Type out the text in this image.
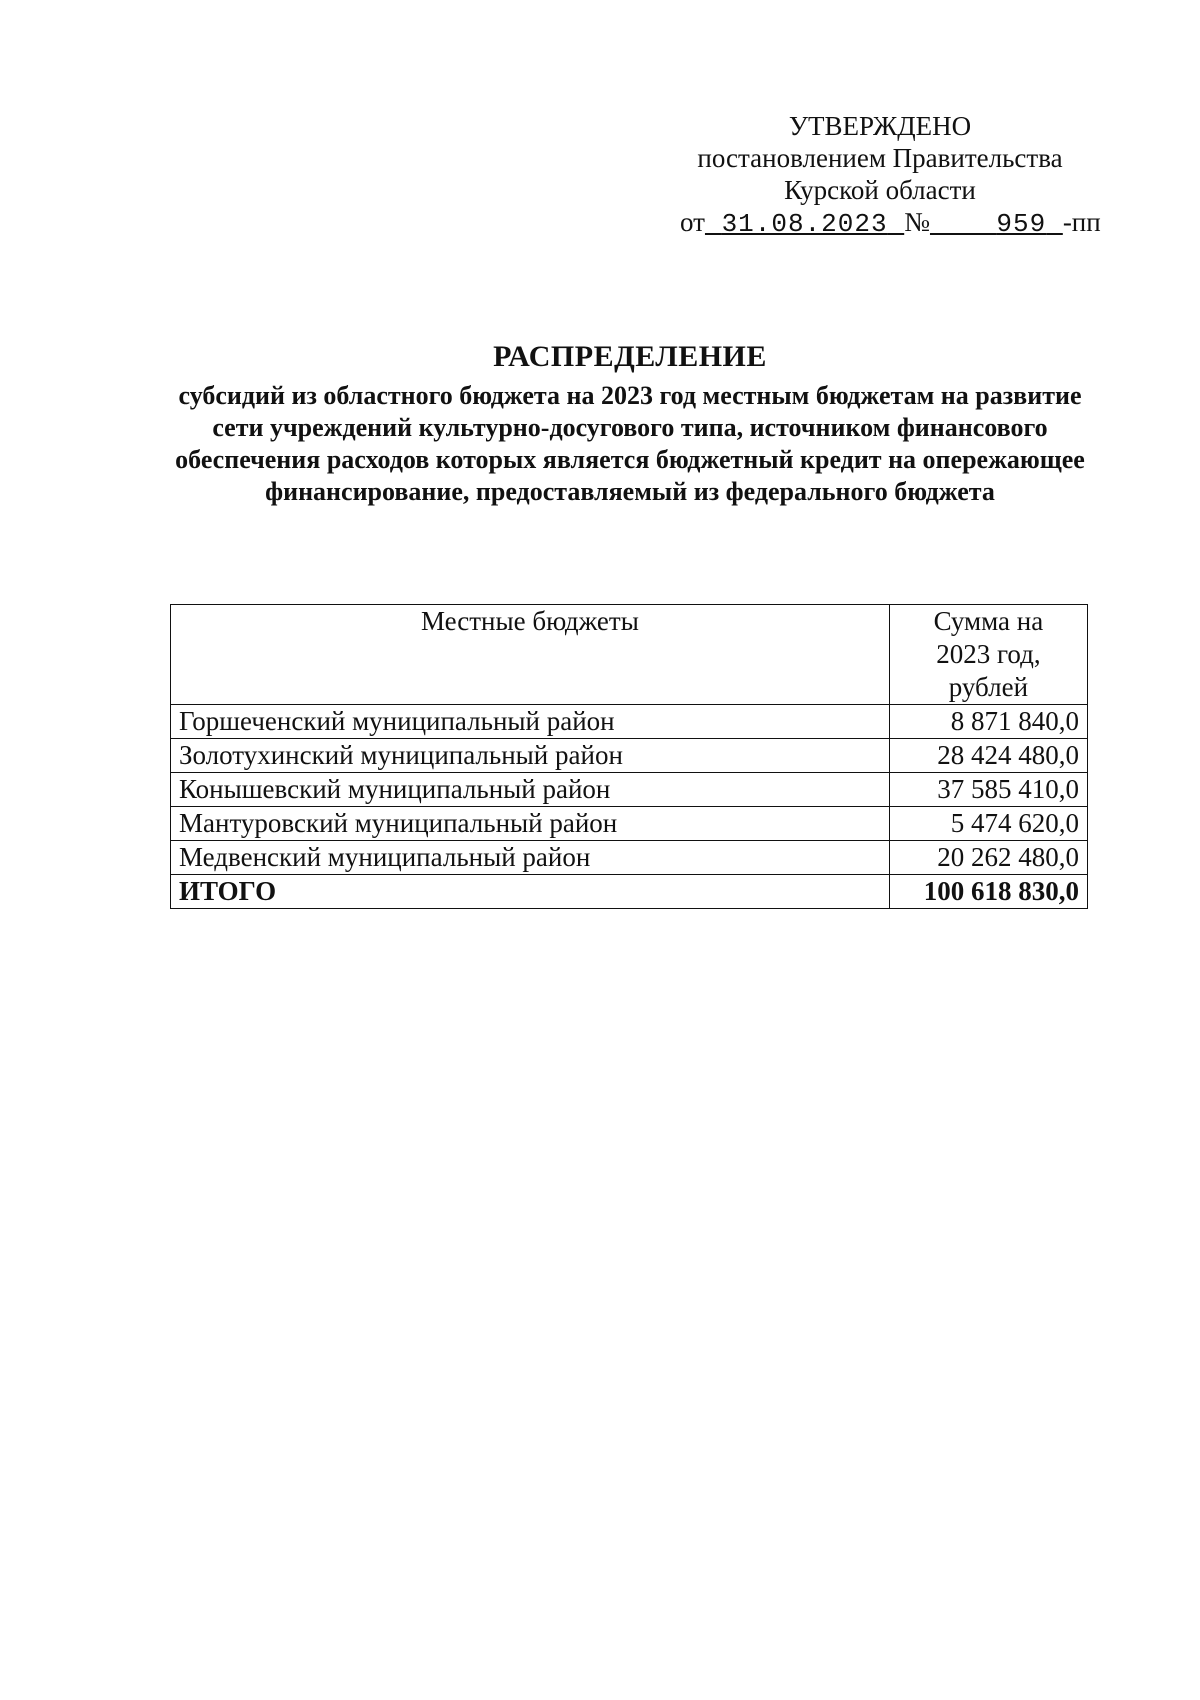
УТВЕРЖДЕНО
постановлением Правительства
Курской области
от 31.08.2023 №	959 -пп
РАСПРЕДЕЛЕНИЕ
субсидий из областного бюджета на 2023 год местным бюджетам на развитие сети учреждений культурно-досугового типа, источником финансового обеспечения расходов которых является бюджетный кредит на опережающее финансирование, предоставляемый из федерального бюджета
Местные бюджеты	Сумма на
2023 год,
рублей
Горшеченский муниципальный район	8 871 840,0
Золотухинский муниципальный район	28 424 480,0
Конышевский муниципальный район	37 585 410,0
Мантуровский муниципальный район	5 474 620,0
Медвенский муниципальный район	20 262 480,0
ИТОГО	100 618 830,0
